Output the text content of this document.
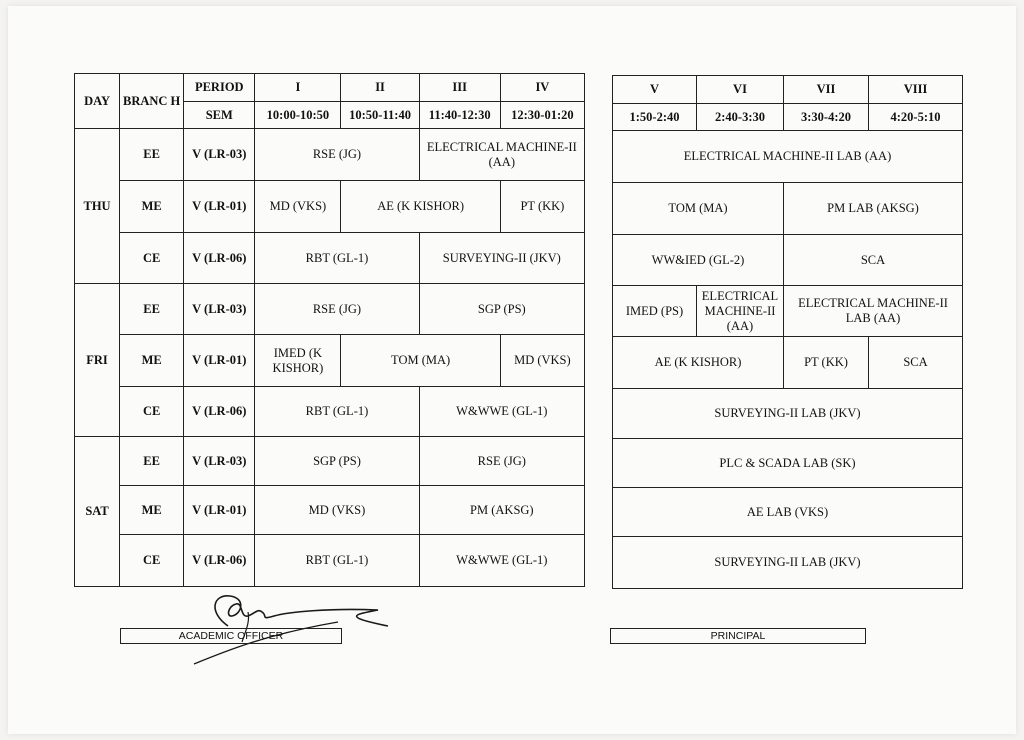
DAY	BRANC H	PERIOD	I	II	III	IV
		SEM	10:00-10:50	10:50-11:40	11:40-12:30	12:30-01:20
THU	EE	V (LR-03)	RSE (JG)		ELECTRICAL MACHINE-II (AA)	
	ME	V (LR-01)	MD (VKS)	AE (K KISHOR)		PT (KK)
	CE	V (LR-06)	RBT (GL-1)		SURVEYING-II (JKV)	
FRI	EE	V (LR-03)	RSE (JG)		SGP (PS)	
	ME	V (LR-01)	IMED (K KISHOR)	TOM (MA)		MD (VKS)
	CE	V (LR-06)	RBT (GL-1)		W&WWE (GL-1)	
SAT	EE	V (LR-03)	SGP (PS)		RSE (JG)	
	ME	V (LR-01)	MD (VKS)		PM (AKSG)	
	CE	V (LR-06)	RBT (GL-1)		W&WWE (GL-1)	
V	VI	VII	VIII
1:50-2:40	2:40-3:30	3:30-4:20	4:20-5:10
ELECTRICAL MACHINE-II LAB (AA)			
TOM (MA)		PM LAB (AKSG)	
WW&IED (GL-2)		SCA	
IMED (PS)	ELECTRICAL MACHINE-II (AA)	ELECTRICAL MACHINE-II LAB (AA)	
AE (K KISHOR)		PT (KK)	SCA
SURVEYING-II LAB (JKV)			
PLC & SCADA LAB (SK)			
AE LAB (VKS)			
SURVEYING-II LAB (JKV)			
ACADEMIC OFFICER	PRINCIPAL
